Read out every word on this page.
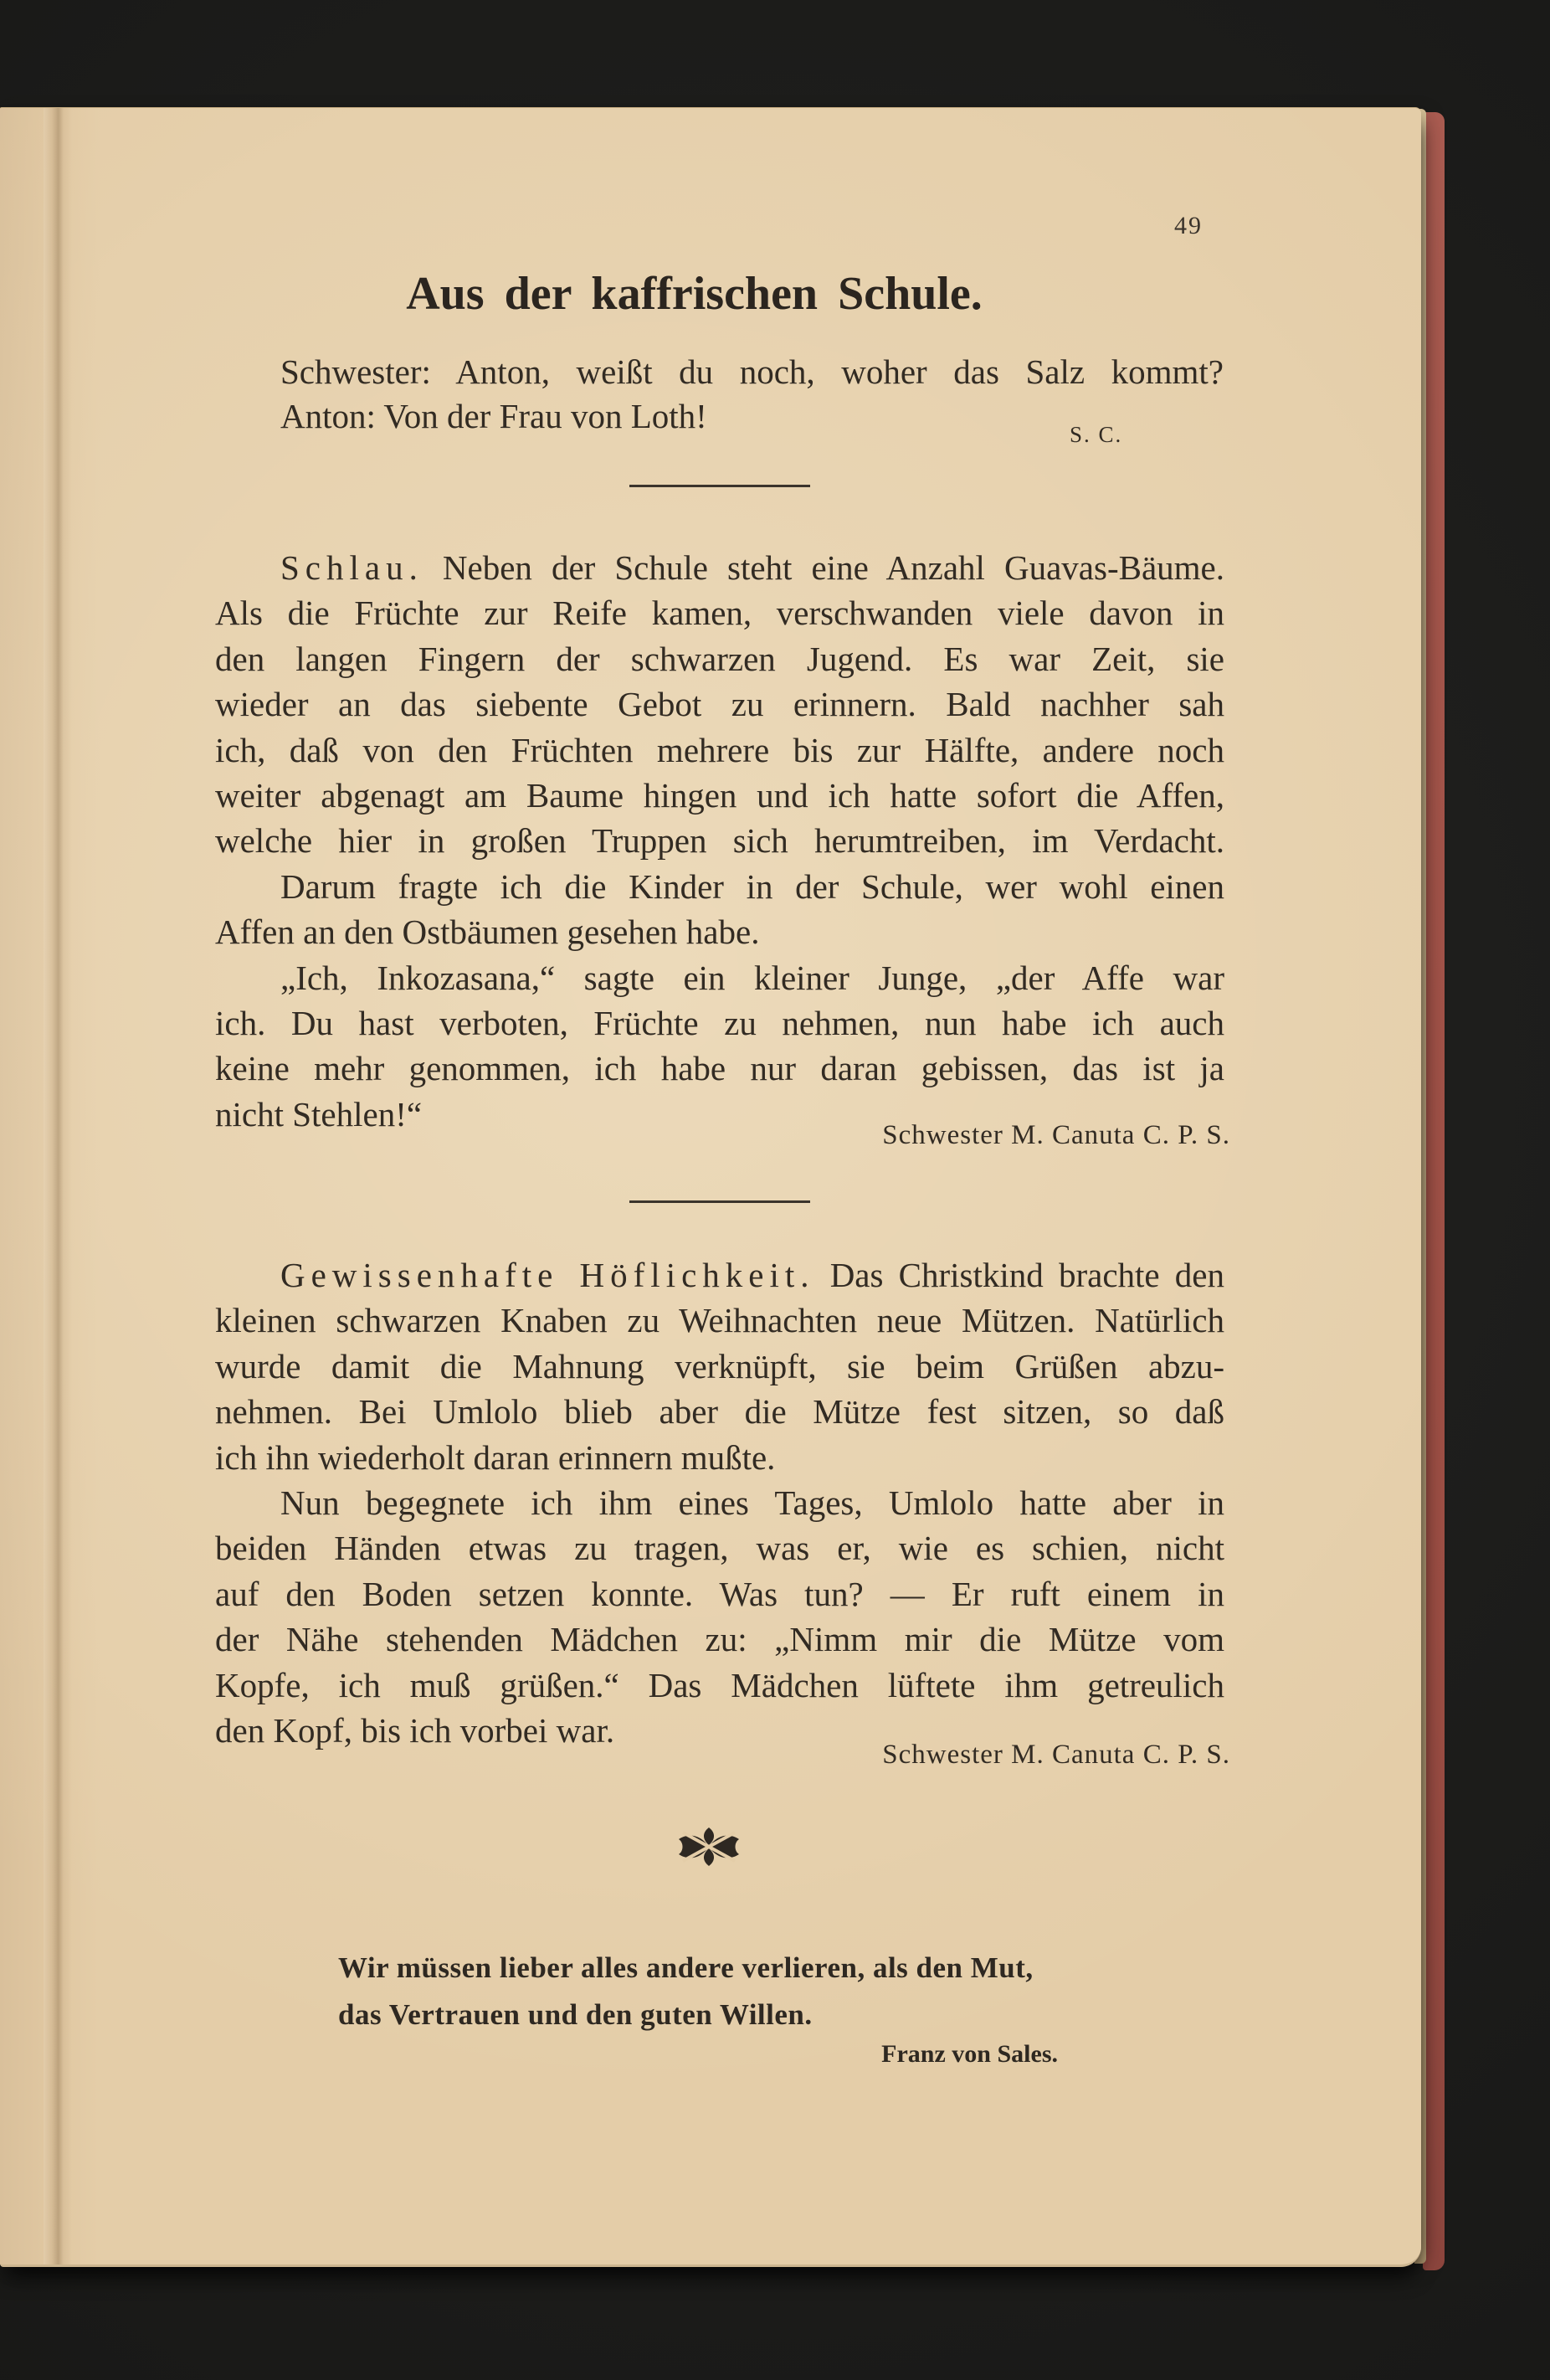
49
Aus der kaffrischen Schule.
Schwester: Anton, weißt du noch, woher das Salz kommt?
Anton: Von der Frau von Loth!	S. C.
Schlau. Neben der Schule steht eine Anzahl Guavas-Bäume.
Als die Früchte zur Reife kamen, verschwanden viele davon in
den langen Fingern der schwarzen Jugend. Es war Zeit, sie
wieder an das siebente Gebot zu erinnern. Bald nachher sah
ich, daß von den Früchten mehrere bis zur Hälfte, andere noch
weiter abgenagt am Baume hingen und ich hatte sofort die Affen,
welche hier in großen Truppen sich herumtreiben, im Verdacht.
Darum fragte ich die Kinder in der Schule, wer wohl einen
Affen an den Ostbäumen gesehen habe.
„Ich, Inkozasana,“ sagte ein kleiner Junge, „der Affe war
ich. Du hast verboten, Früchte zu nehmen, nun habe ich auch
keine mehr genommen, ich habe nur daran gebissen, das ist ja
nicht Stehlen!“
Schwester M. Canuta C. P. S.
Gewissenhafte Höflichkeit. Das Christkind brachte den
kleinen schwarzen Knaben zu Weihnachten neue Mützen. Natürlich
wurde damit die Mahnung verknüpft, sie beim Grüßen abzu-
nehmen. Bei Umlolo blieb aber die Mütze fest sitzen, so daß
ich ihn wiederholt daran erinnern mußte.
Nun begegnete ich ihm eines Tages, Umlolo hatte aber in
beiden Händen etwas zu tragen, was er, wie es schien, nicht
auf den Boden setzen konnte. Was tun? — Er ruft einem in
der Nähe stehenden Mädchen zu: „Nimm mir die Mütze vom
Kopfe, ich muß grüßen.“ Das Mädchen lüftete ihm getreulich
den Kopf, bis ich vorbei war.
Schwester M. Canuta C. P. S.
Wir müssen lieber alles andere verlieren, als den Mut,
das Vertrauen und den guten Willen.
Franz von Sales.
